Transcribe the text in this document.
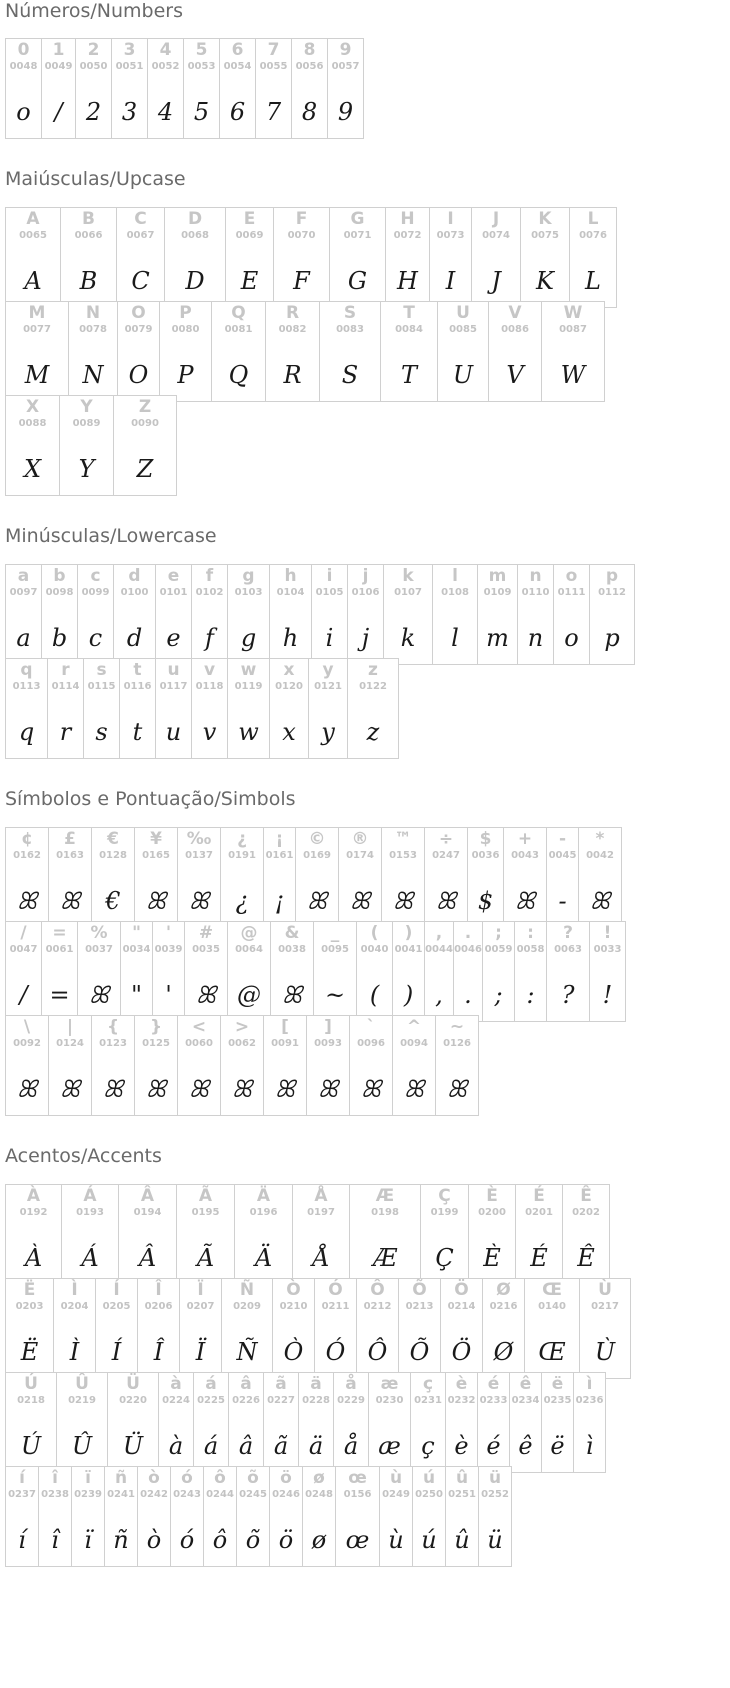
Números/Numbers
0
0048
o
1
0049
/
2
0050
2
3
0051
3
4
0052
4
5
0053
5
6
0054
6
7
0055
7
8
0056
8
9
0057
9
Maiúsculas/Upcase
A
0065
A
B
0066
B
C
0067
C
D
0068
D
E
0069
E
F
0070
F
G
0071
G
H
0072
H
I
0073
I
J
0074
J
K
0075
K
L
0076
L
M
0077
M
N
0078
N
O
0079
O
P
0080
P
Q
0081
Q
R
0082
R
S
0083
S
T
0084
T
U
0085
U
V
0086
V
W
0087
W
X
0088
X
Y
0089
Y
Z
0090
Z
Minúsculas/Lowercase
a
0097
a
b
0098
b
c
0099
c
d
0100
d
e
0101
e
f
0102
f
g
0103
g
h
0104
h
i
0105
i
j
0106
j
k
0107
k
l
0108
l
m
0109
m
n
0110
n
o
0111
o
p
0112
p
q
0113
q
r
0114
r
s
0115
s
t
0116
t
u
0117
u
v
0118
v
w
0119
w
x
0120
x
y
0121
y
z
0122
z
Símbolos e Pontuação/Simbols
¢
0162
ꕤ
£
0163
ꕤ
€
0128
€
¥
0165
ꕤ
‰
0137
ꕤ
¿
0191
¿
¡
0161
¡
©
0169
ꕤ
®
0174
ꕤ
™
0153
ꕤ
÷
0247
ꕤ
$
0036
$
+
0043
ꕤ
-
0045
-
*
0042
ꕤ
/
0047
/
=
0061
=
%
0037
ꕤ
"
0034
"
'
0039
'
#
0035
ꕤ
@
0064
@
&
0038
ꕤ
_
0095
~
(
0040
(
)
0041
)
,
0044
,
.
0046
.
;
0059
;
:
0058
:
?
0063
?
!
0033
!
\
0092
ꕤ
|
0124
ꕤ
{
0123
ꕤ
}
0125
ꕤ
<
0060
ꕤ
>
0062
ꕤ
[
0091
ꕤ
]
0093
ꕤ
`
0096
ꕤ
^
0094
ꕤ
~
0126
ꕤ
Acentos/Accents
À
0192
À
Á
0193
Á
Â
0194
Â
Ã
0195
Ã
Ä
0196
Ä
Å
0197
Å
Æ
0198
Æ
Ç
0199
Ç
È
0200
È
É
0201
É
Ê
0202
Ê
Ë
0203
Ë
Ì
0204
Ì
Í
0205
Í
Î
0206
Î
Ï
0207
Ï
Ñ
0209
Ñ
Ò
0210
Ò
Ó
0211
Ó
Ô
0212
Ô
Õ
0213
Õ
Ö
0214
Ö
Ø
0216
Ø
Œ
0140
Œ
Ù
0217
Ù
Ú
0218
Ú
Û
0219
Û
Ü
0220
Ü
à
0224
à
á
0225
á
â
0226
â
ã
0227
ã
ä
0228
ä
å
0229
å
æ
0230
æ
ç
0231
ç
è
0232
è
é
0233
é
ê
0234
ê
ë
0235
ë
ì
0236
ì
í
0237
í
î
0238
î
ï
0239
ï
ñ
0241
ñ
ò
0242
ò
ó
0243
ó
ô
0244
ô
õ
0245
õ
ö
0246
ö
ø
0248
ø
œ
0156
œ
ù
0249
ù
ú
0250
ú
û
0251
û
ü
0252
ü
